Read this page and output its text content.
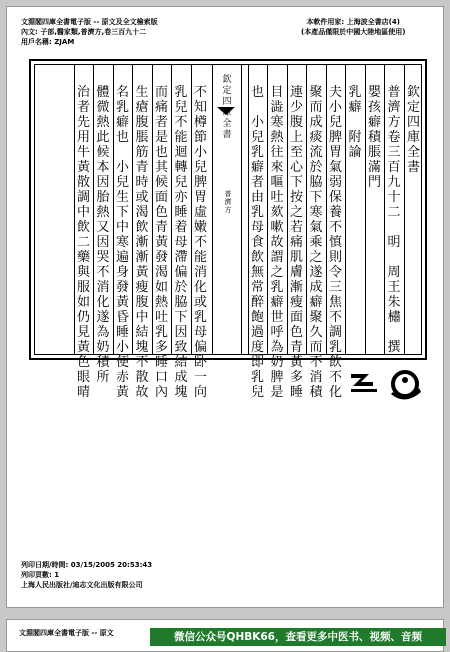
文淵閣四庫全書電子版 -- 原文及全文檢索版
內文: 子部,醫家類,普濟方,卷三百九十二
用戶名稱: ZJAM
本軟件用家: 上海波全書店(4)
(本產品僅限於中國大陸地區使用)
欽
定
四
庫
全
書
普
濟
方
欽
定
四
庫
全
書
普
濟
方
卷
三
百
九
十
二

明

周
王
朱
橚

撰
嬰
孩
癖
積
脹
滿
門
乳
癖

附
論
夫
小
兒
脾
胃
氣
弱
保
養
不
慎
則
令
三
焦
不
調
乳
飲
不
化
聚
而
成
痰
流
於
脇
下
寒
氣
乘
之
遂
成
癖
聚
久
而
不
消
積
連
少
腹
上
至
心
下
按
之
若
痛
肌
膚
漸
瘦
面
色
青
黃
多
睡
目
澁
寒
熱
往
來
嘔
吐
欬
嗽
故
謂
之
乳
癖
世
呼
為
奶
脾
是
也

小
兒
乳
癖
者
由
乳
母
食
飲
無
常
醉
飽
過
度
即
乳
兒
不
知
樽
節
小
兒
脾
胃
虛
嫩
不
能
消
化
或
乳
母
偏
卧
一
向
乳
兒
不
能
迴
轉
兒
亦
睡
着
母
滯
偏
於
脇
下
因
致
結
成
塊
而
痛
者
是
也
其
候
面
色
青
黃
發
渴
如
熱
吐
乳
多
睡
口
內
生
瘡
腹
脹
筋
青
時
或
渴
飲
漸
漸
黃
瘦
腹
中
結
塊
不
散
故
名
乳
癖
也

小
兒
生
下
中
寒
遍
身
發
黃
昏
睡
小
便
赤
黃
體
微
熱
此
候
本
因
胎
熱
又
因
哭
不
消
化
遂
為
奶
積
所
治
者
先
用
牛
黃
散
調
中
飲
二
藥
與
服
如
仍
見
黃
色
眼
晴
列印日期/時間: 03/15/2005 20:53:43
列印頁數: 1
上海人民出版社/迪志文化出版有限公司
文淵閣四庫全書電子版 -- 原文	微信公众号QHBK66，查看更多中医书、视频、音频
